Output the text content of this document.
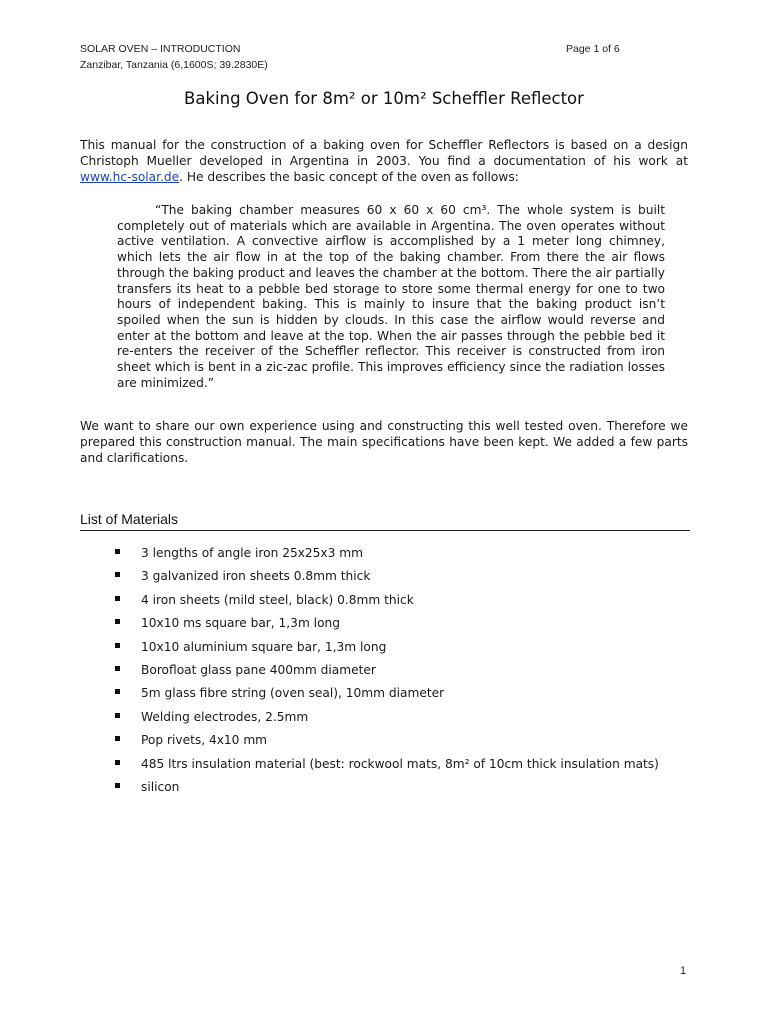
SOLAR OVEN – INTRODUCTION
Zanzibar, Tanzania (6,1600S; 39.2830E)
Page 1 of 6
Baking Oven for 8m² or 10m² Scheffler Reflector
This manual for the construction of a baking oven for Scheffler Reflectors is based on a design Christoph Mueller developed in Argentina in 2003. You find a documentation of his work at www.hc-solar.de. He describes the basic concept of the oven as follows:
“The baking chamber measures 60 x 60 x 60 cm³. The whole system is built completely out of materials which are available in Argentina. The oven operates without active ventilation. A convective airflow is accomplished by a 1 meter long chimney, which lets the air flow in at the top of the baking chamber. From there the air flows through the baking product and leaves the chamber at the bottom. There the air partially transfers its heat to a pebble bed storage to store some thermal energy for one to two hours of independent baking. This is mainly to insure that the baking product isn’t spoiled when the sun is hidden by clouds. In this case the airflow would reverse and enter at the bottom and leave at the top. When the air passes through the pebble bed it re-enters the receiver of the Scheffler reflector. This receiver is constructed from iron sheet which is bent in a zic-zac profile. This improves efficiency since the radiation losses are minimized.”
We want to share our own experience using and constructing this well tested oven. Therefore we prepared this construction manual. The main specifications have been kept. We added a few parts and clarifications.
List of Materials
3 lengths of angle iron 25x25x3 mm
3 galvanized iron sheets 0.8mm thick
4 iron sheets (mild steel, black) 0.8mm thick
10x10 ms square bar, 1,3m long
10x10 aluminium square bar, 1,3m long
Borofloat glass pane 400mm diameter
5m glass fibre string (oven seal), 10mm diameter
Welding electrodes, 2.5mm
Pop rivets, 4x10 mm
485 ltrs insulation material (best: rockwool mats, 8m² of 10cm thick insulation mats)
silicon
1
